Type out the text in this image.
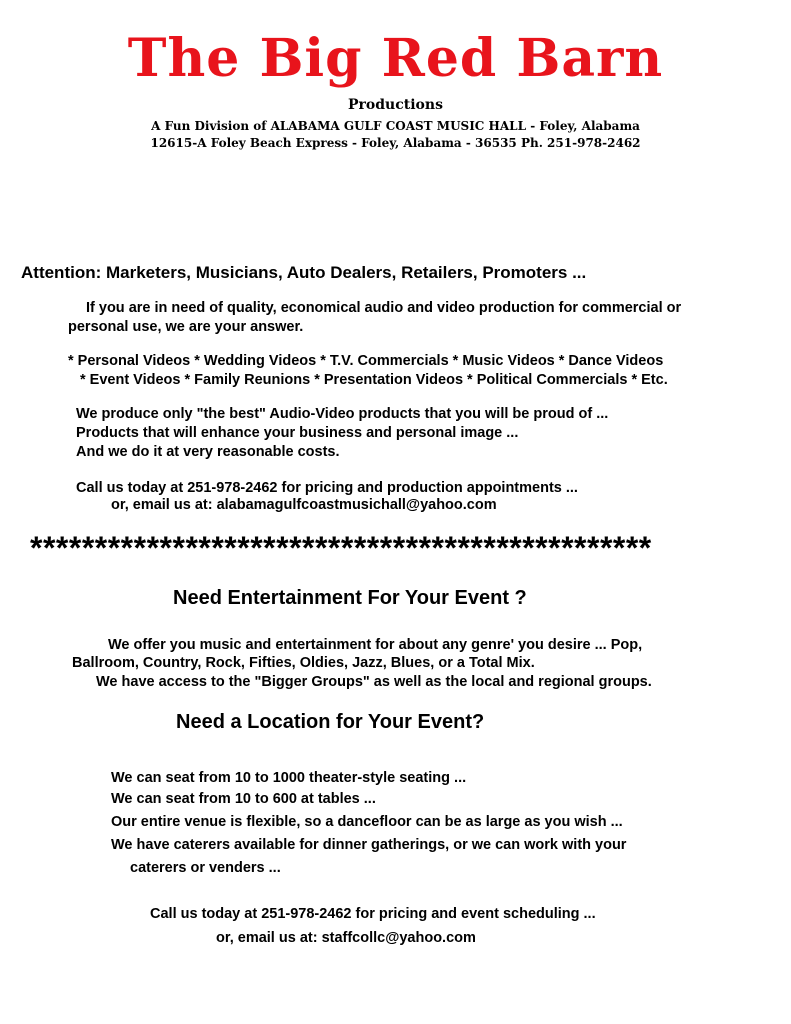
The Big Red Barn
Productions
A Fun Division of ALABAMA GULF COAST MUSIC HALL - Foley, Alabama
12615-A Foley Beach Express - Foley, Alabama - 36535 Ph. 251-978-2462
Attention: Marketers, Musicians, Auto Dealers, Retailers, Promoters ...
If you are in need of quality, economical audio and video production for commercial or
personal use, we are your answer.
* Personal Videos * Wedding Videos * T.V. Commercials * Music Videos * Dance Videos
* Event Videos * Family Reunions * Presentation Videos * Political Commercials * Etc.
We produce only "the best" Audio-Video products that you will be proud of ...
Products that will enhance your business and personal image ...
And we do it at very reasonable costs.
Call us today at 251-978-2462 for pricing and production appointments ...
or, email us at: alabamagulfcoastmusichall@yahoo.com
************************************************
Need Entertainment For Your Event ?
We offer you music and entertainment for about any genre' you desire ... Pop,
Ballroom, Country, Rock, Fifties, Oldies, Jazz, Blues, or a Total Mix.
We have access to the "Bigger Groups" as well as the local and regional groups.
Need a Location for Your Event?
We can seat from 10 to 1000 theater-style seating ...
We can seat from 10 to 600 at tables ...
Our entire venue is flexible, so a dancefloor can be as large as you wish ...
We have caterers available for dinner gatherings, or we can work with your
caterers or venders ...
Call us today at 251-978-2462 for pricing and event scheduling ...
or, email us at: staffcollc@yahoo.com
